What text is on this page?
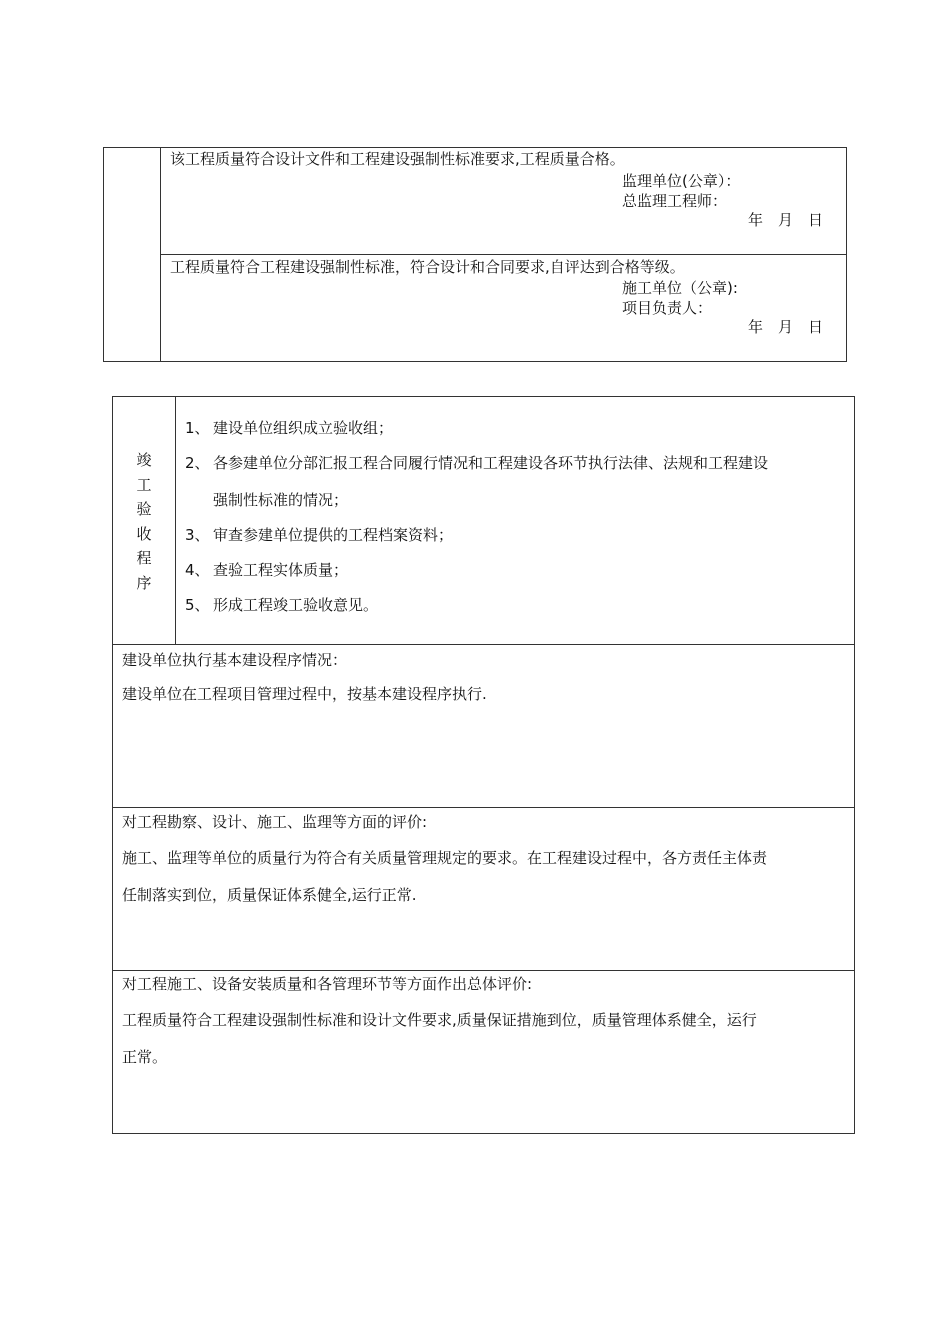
该工程质量符合设计文件和工程建设强制性标准要求,工程质量合格。
监理单位(公章）：
总监理工程师：
年　月　日
工程质量符合工程建设强制性标准，符合设计和合同要求,自评达到合格等级。
施工单位（公章):
项目负责人：
年　月　日
竣
工
验
收
程
序
1、 建设单位组织成立验收组；
2、 各参建单位分部汇报工程合同履行情况和工程建设各环节执行法律、法规和工程建设
强制性标准的情况；
3、 审查参建单位提供的工程档案资料；
4、 查验工程实体质量；
5、 形成工程竣工验收意见。
建设单位执行基本建设程序情况：
建设单位在工程项目管理过程中，按基本建设程序执行.
对工程勘察、设计、施工、监理等方面的评价:
施工、监理等单位的质量行为符合有关质量管理规定的要求。在工程建设过程中，各方责任主体责
任制落实到位，质量保证体系健全,运行正常.
对工程施工、设备安装质量和各管理环节等方面作出总体评价:
工程质量符合工程建设强制性标准和设计文件要求,质量保证措施到位，质量管理体系健全，运行
正常。
